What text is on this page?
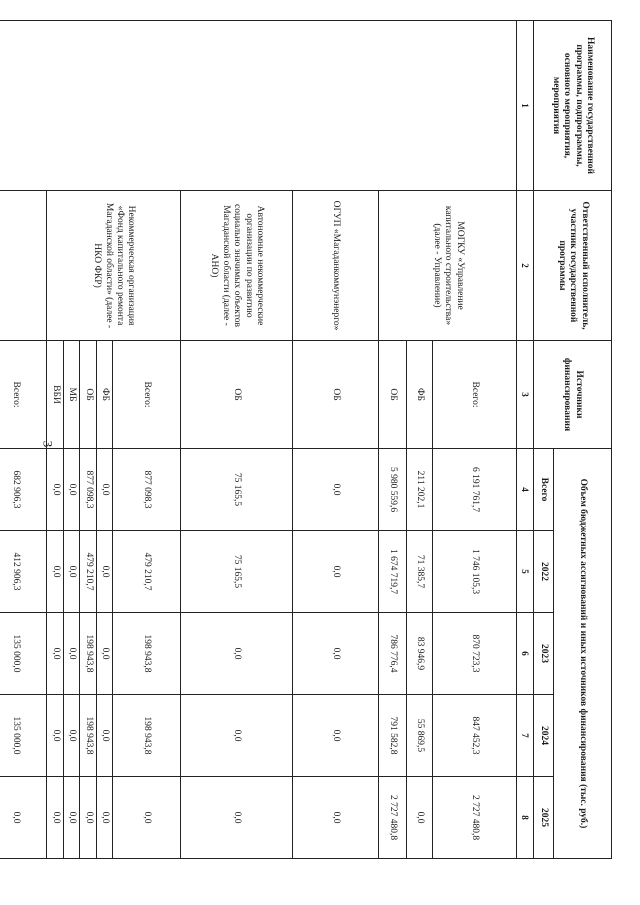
3
Наименование государственной программы, подпрограммы, основного мероприятия, мероприятия	Ответственный исполнитель, участник государственной программы	Источники финансирования	Объем бюджетных ассигнований и иных источников финансирования (тыс. руб.)				
			Всего	2022	2023	2024	2025
1	2	3	4	5	6	7	8
	МОГКУ «Управление капитального строительства» (далее - Управление)	Всего:	6 191 761,7	1 746 105,3	870 723,3	847 452,3	2 727 480,8
		ФБ	211 202,1	71 385,7	83 946,9	55 869,5	0,0
		ОБ	5 980 559,6	1 674 719,7	786 776,4	791 582,8	2 727 480,8
	ОГУП «Магаданкоммунэнерго»	ОБ	0,0	0,0	0,0	0,0	0,0
	Автономные некоммерческие организации по развитию социально значимых объектов Магаданской области (далее - АНО)	ОБ	75 165,5	75 165,5	0,0	0,0	0,0
	Некоммерческая организация «Фонд капитального ремонта Магаданской области» (далее - НКО ФКР)	Всего:	877 098,3	479 210,7	198 943,8	198 943,8	0,0
		ФБ	0,0	0,0	0,0	0,0	0,0
		ОБ	877 098,3	479 210,7	198 943,8	198 943,8	0,0
		МБ	0,0	0,0	0,0	0,0	0,0
		ВБИ	0,0	0,0	0,0	0,0	0,0
		Всего:	682 906,3	412 906,3	135 000,0	135 000,0	0,0
